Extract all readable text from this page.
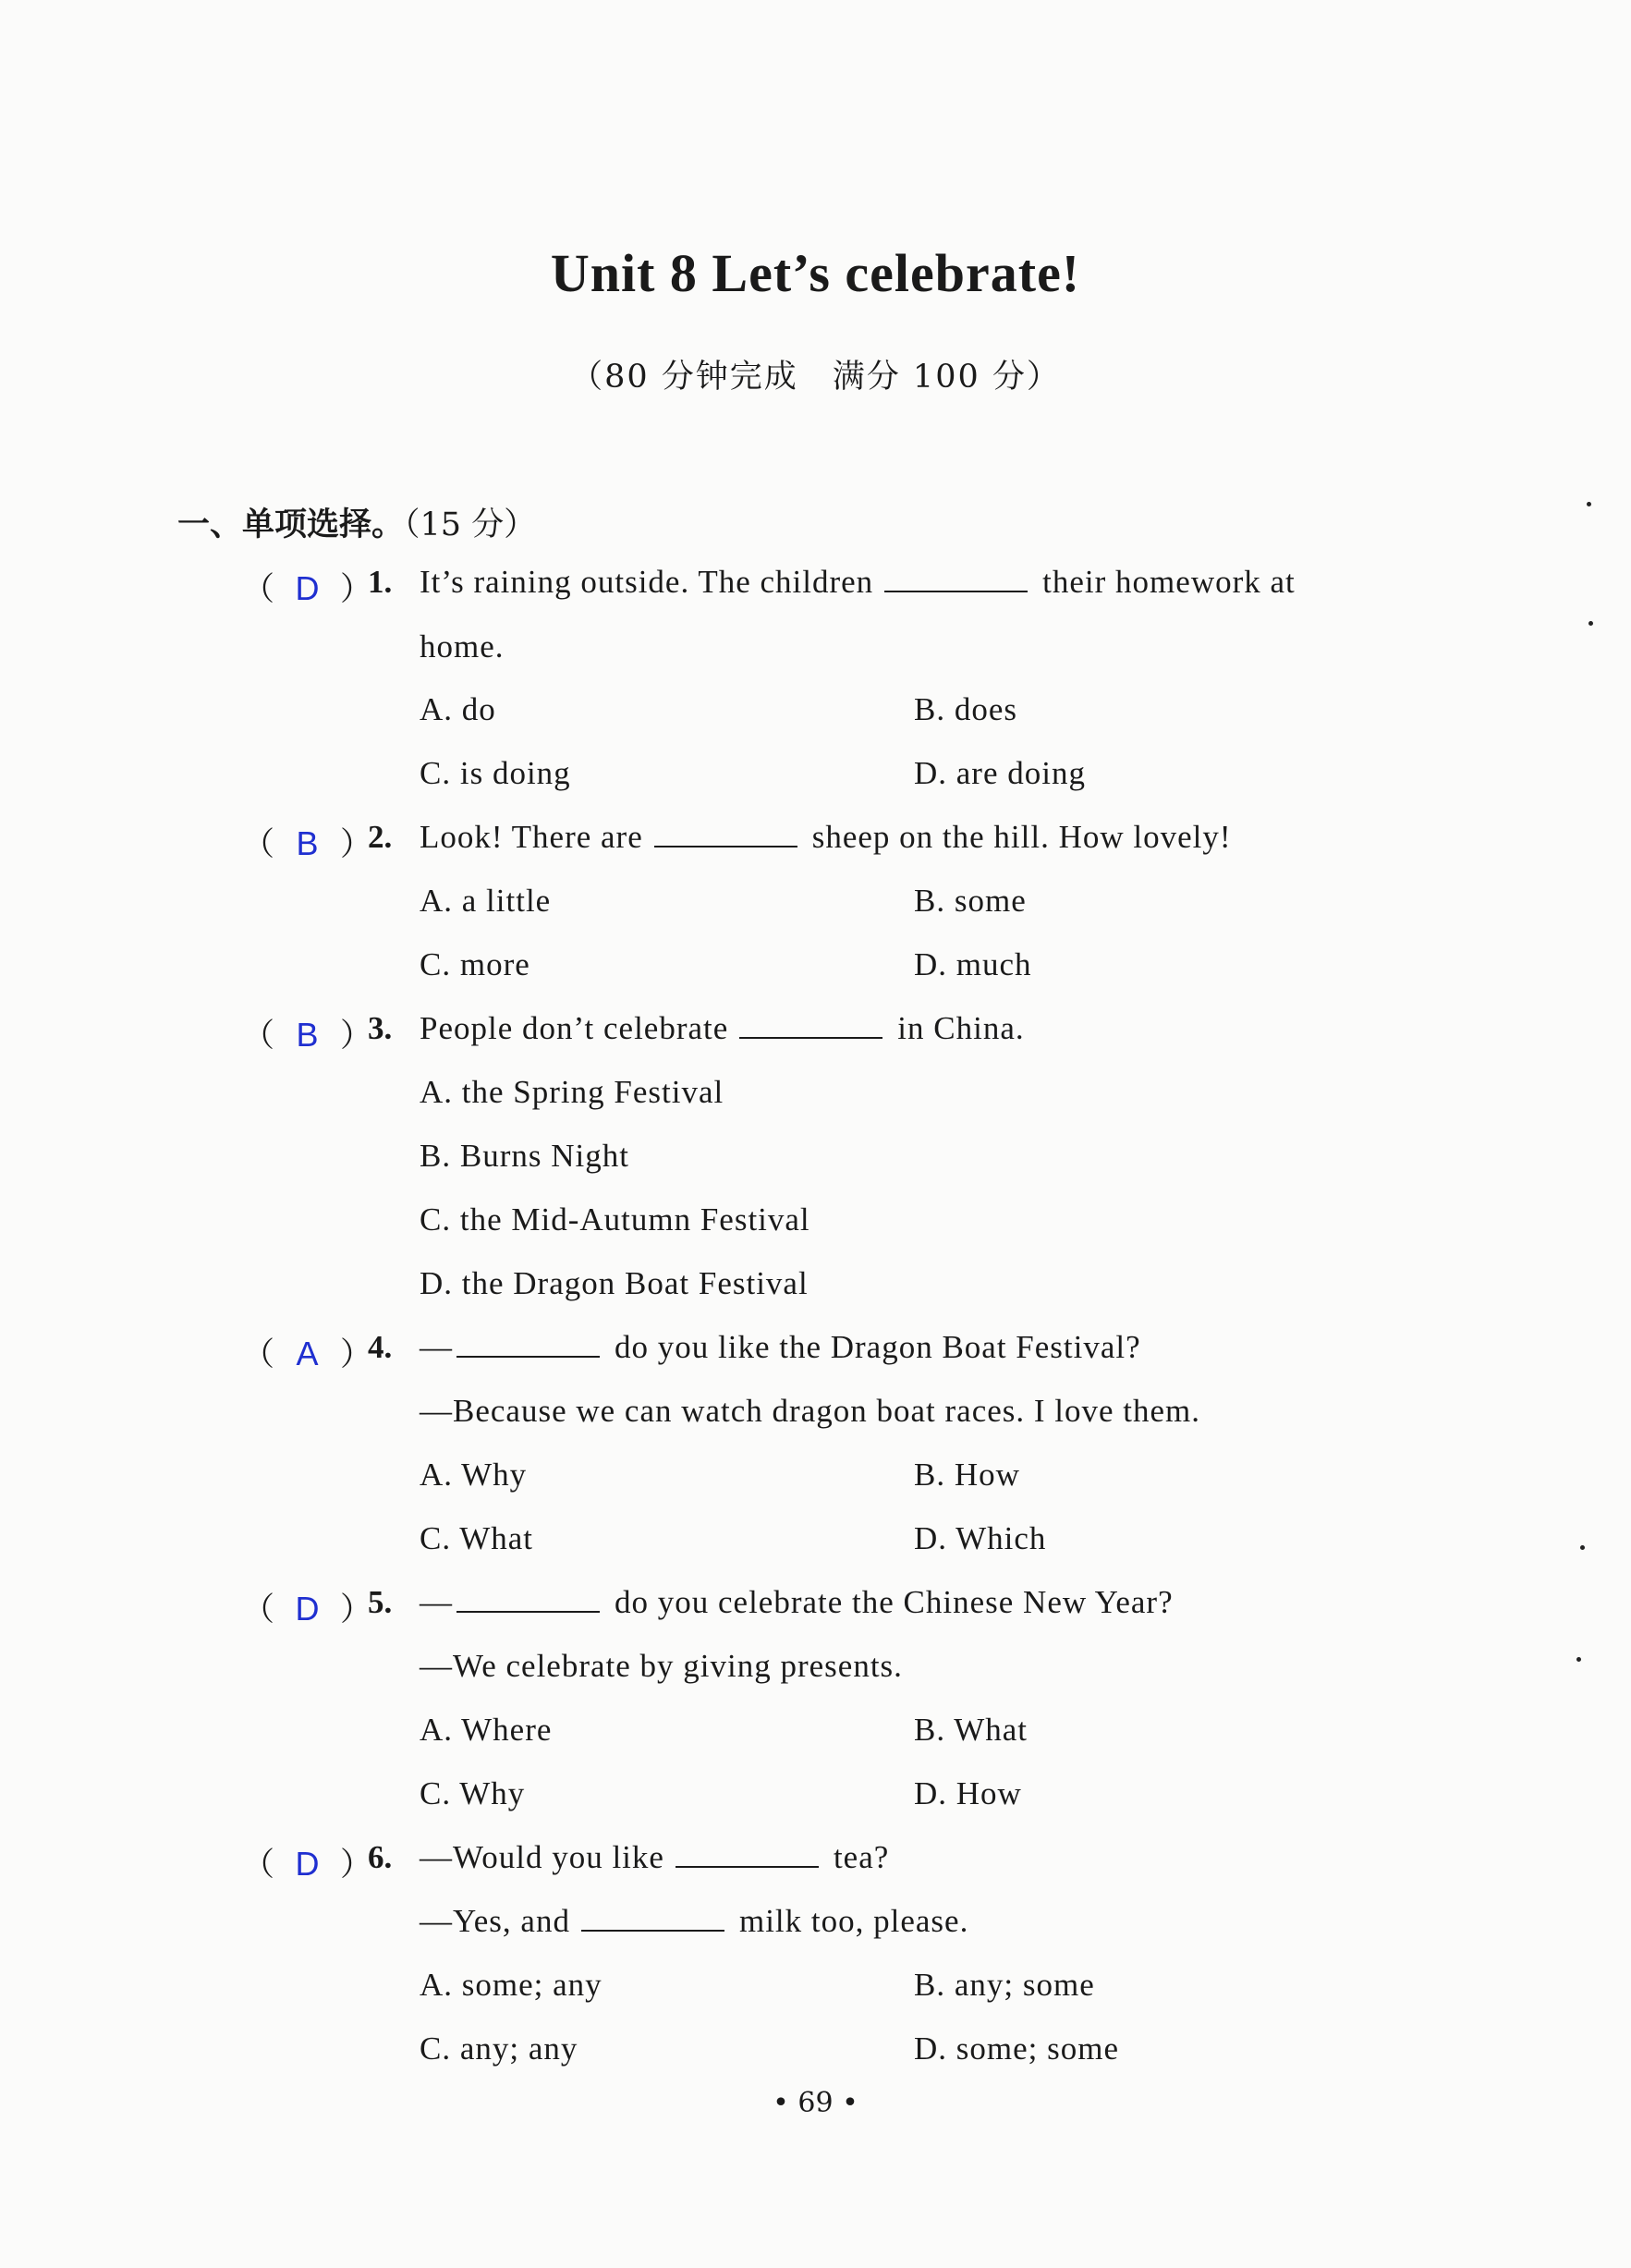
Unit 8 Let’s celebrate!
（80 分钟完成　满分 100 分）
一、单项选择。（15 分）
（ D ）
1. It’s raining outside. The children	their homework at
home.
A. do	B. does
C. is doing	D. are doing
（ B ）
2. Look! There are	sheep on the hill. How lovely!
A. a little	B. some
C. more	D. much
（ B ）
3. People don’t celebrate	in China.
A. the Spring Festival
B. Burns Night
C. the Mid-Autumn Festival
D. the Dragon Boat Festival
（ A ）
4. —	do you like the Dragon Boat Festival?
—Because we can watch dragon boat races. I love them.
A. Why	B. How
C. What	D. Which
（ D ）
5. —	do you celebrate the Chinese New Year?
—We celebrate by giving presents.
A. Where	B. What
C. Why	D. How
（ D ）
6. —Would you like	tea?
—Yes, and	milk too, please.
A. some; any	B. any; some
C. any; any	D. some; some
• 69 •
